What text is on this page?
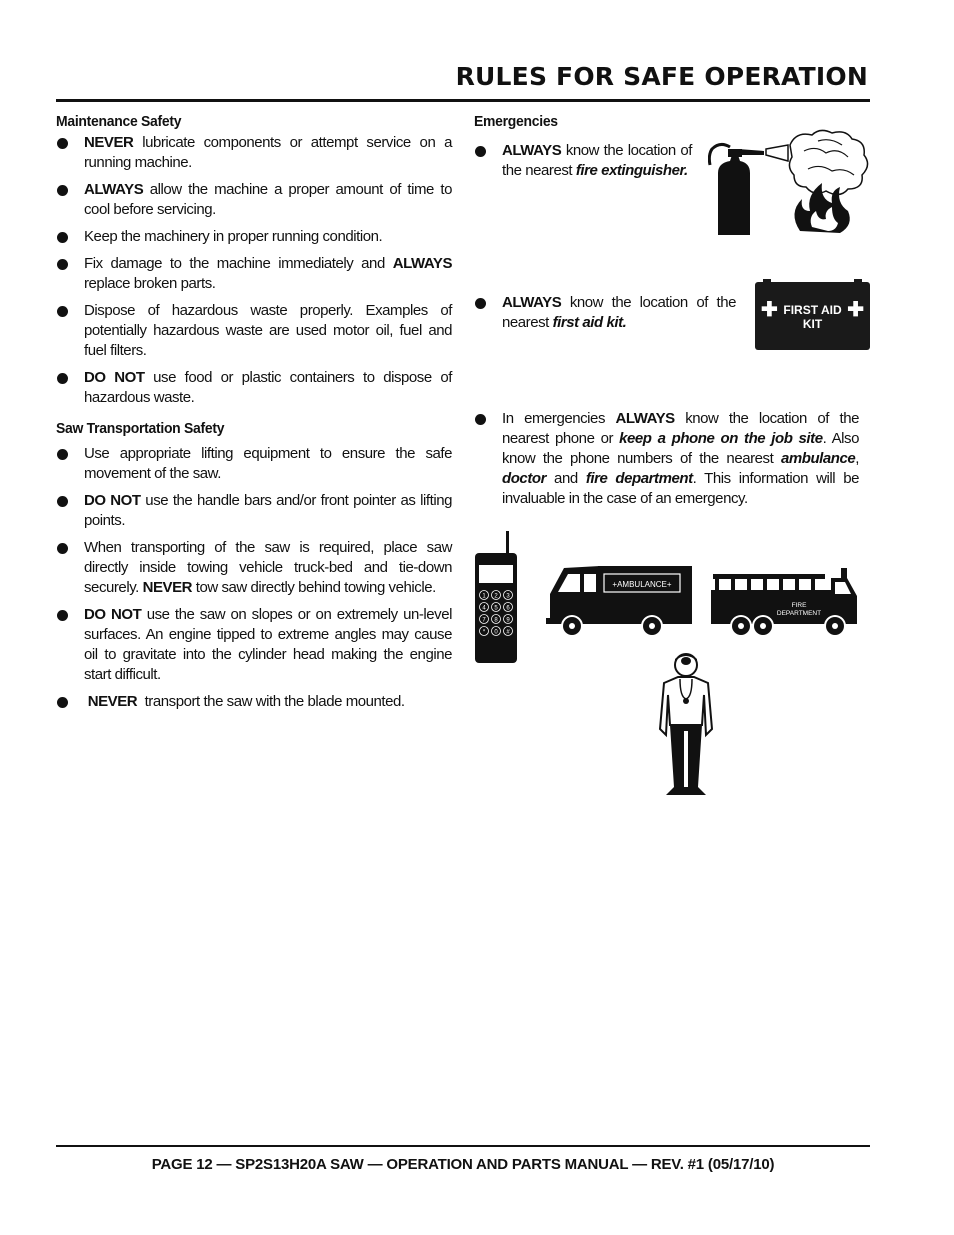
RULES FOR SAFE OPERATION
Maintenance Safety
NEVER lubricate components or attempt service on a running machine.
ALWAYS allow the machine a proper amount of time to cool before servicing.
Keep the machinery in proper running condition.
Fix damage to the machine immediately and ALWAYS replace broken parts.
Dispose of hazardous waste properly. Examples of potentially hazardous waste are used motor oil, fuel and fuel filters.
DO NOT use food or plastic containers to dispose of hazardous waste.
Saw Transportation Safety
Use appropriate lifting equipment to ensure the safe movement of the saw.
DO NOT use the handle bars and/or front pointer as lifting points.
When transporting of the saw is required, place saw directly inside towing vehicle truck-bed and tie-down securely. NEVER tow saw directly behind towing vehicle.
DO NOT use the saw on slopes or on extremely un-level surfaces. An engine tipped to extreme angles may cause oil to gravitate into the cylinder head making the engine start difficult.
NEVER  transport the saw with the blade mounted.
Emergencies
ALWAYS know the location of the nearest fire extinguisher.
ALWAYS know the location of the nearest first aid kit.
✚	✚
FIRST AID
KIT
In emergencies ALWAYS know the location of the nearest phone or keep a phone on the job site. Also know the phone numbers of the nearest ambulance, doctor and fire department. This information will be invaluable in the case of an emergency.
1 2 3
4 5 6
7 8 9
* 0 #
+AMBULANCE+
FIRE
DEPARTMENT
PAGE 12 — SP2S13H20A SAW — OPERATION AND PARTS MANUAL — REV. #1 (05/17/10)
